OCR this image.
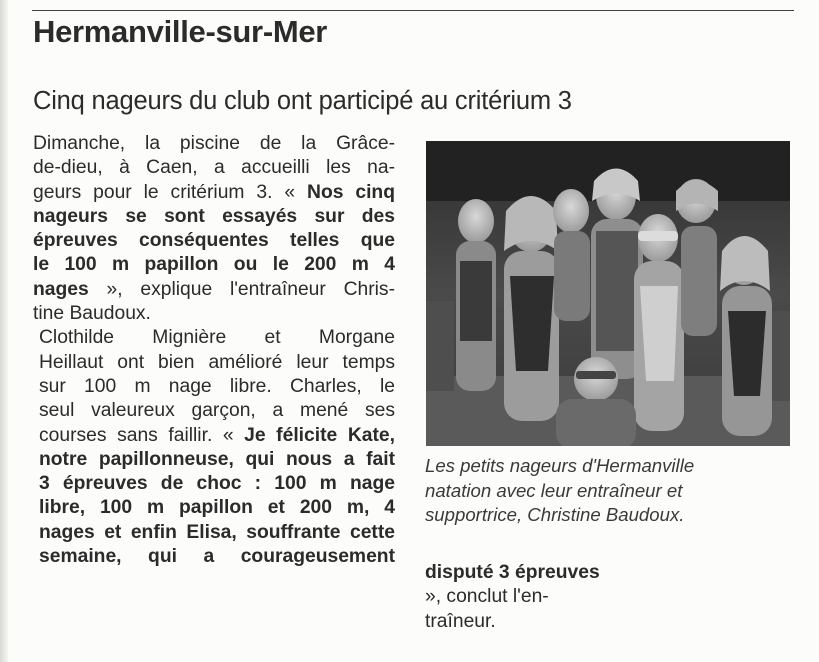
Hermanville-sur-Mer
Cinq nageurs du club ont participé au critérium 3

Dimanche, la piscine de la Grâce-
de-dieu, à Caen, a accueilli les na-
geurs pour le critérium 3. « Nos cinq
nageurs se sont essayés sur des
épreuves conséquentes telles que
le 100 m papillon ou le 200 m 4
nages », explique l'entraîneur Chris-
tine Baudoux.

Clothilde Mignière et Morgane
Heillaut ont bien amélioré leur temps
sur 100 m nage libre. Charles, le
seul valeureux garçon, a mené ses
courses sans faillir. « Je félicite Kate,
notre papillonneuse, qui nous a fait
3 épreuves de choc : 100 m nage
libre, 100 m papillon et 200 m, 4
nages et enfin Elisa, souffrante cette
semaine, qui a courageusement

Les petits nageurs d'Hermanville
natation avec leur entraîneur et
supportrice, Christine Baudoux.

disputé 3 épreuves
», conclut l'en-
traîneur.
